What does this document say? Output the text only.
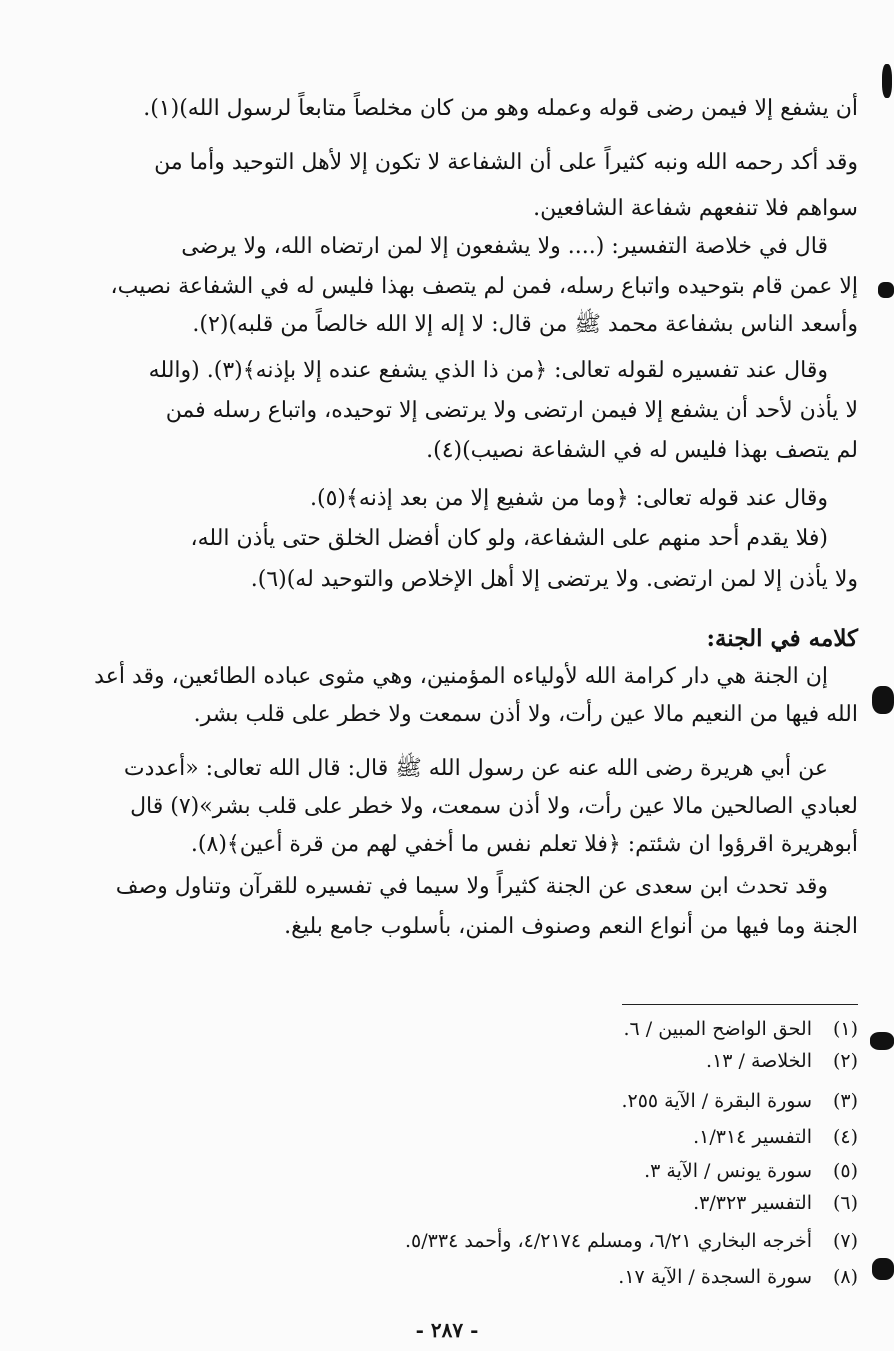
أن يشفع إلا فيمن رضى قوله وعمله وهو من كان مخلصاً متابعاً لرسول الله)(١).
وقد أكد رحمه الله ونبه كثيراً على أن الشفاعة لا تكون إلا لأهل التوحيد وأما من
سواهم فلا تنفعهم شفاعة الشافعين.
قال في خلاصة التفسير: (.... ولا يشفعون إلا لمن ارتضاه الله، ولا يرضى
إلا عمن قام بتوحيده واتباع رسله، فمن لم يتصف بهذا فليس له في الشفاعة نصيب،
وأسعد الناس بشفاعة محمد ﷺ من قال: لا إله إلا الله خالصاً من قلبه)(٢).
وقال عند تفسيره لقوله تعالى: ﴿من ذا الذي يشفع عنده إلا بإذنه﴾(٣). (والله
لا يأذن لأحد أن يشفع إلا فيمن ارتضى ولا يرتضى إلا توحيده، واتباع رسله فمن
لم يتصف بهذا فليس له في الشفاعة نصيب)(٤).
وقال عند قوله تعالى: ﴿وما من شفيع إلا من بعد إذنه﴾(٥).
(فلا يقدم أحد منهم على الشفاعة، ولو كان أفضل الخلق حتى يأذن الله،
ولا يأذن إلا لمن ارتضى. ولا يرتضى إلا أهل الإخلاص والتوحيد له)(٦).
كلامه في الجنة:
إن الجنة هي دار كرامة الله لأولياءه المؤمنين، وهي مثوى عباده الطائعين، وقد أعد
الله فيها من النعيم مالا عين رأت، ولا أذن سمعت ولا خطر على قلب بشر.
عن أبي هريرة رضى الله عنه عن رسول الله ﷺ قال: قال الله تعالى: «أعددت
لعبادي الصالحين مالا عين رأت، ولا أذن سمعت، ولا خطر على قلب بشر»(٧) قال
أبوهريرة اقرؤوا ان شئتم: ﴿فلا تعلم نفس ما أخفي لهم من قرة أعين﴾(٨).
وقد تحدث ابن سعدى عن الجنة كثيراً ولا سيما في تفسيره للقرآن وتناول وصف
الجنة وما فيها من أنواع النعم وصنوف المنن، بأسلوب جامع بليغ.
(١)الحق الواضح المبين / ٦.
(٢)الخلاصة / ١٣.
(٣)سورة البقرة / الآية ٢٥٥.
(٤)التفسير ١/٣١٤.
(٥)سورة يونس / الآية ٣.
(٦)التفسير ٣/٣٢٣.
(٧)أخرجه البخاري ٦/٢١، ومسلم ٤/٢١٧٤، وأحمد ٥/٣٣٤.
(٨)سورة السجدة / الآية ١٧.
- ٢٨٧ -
